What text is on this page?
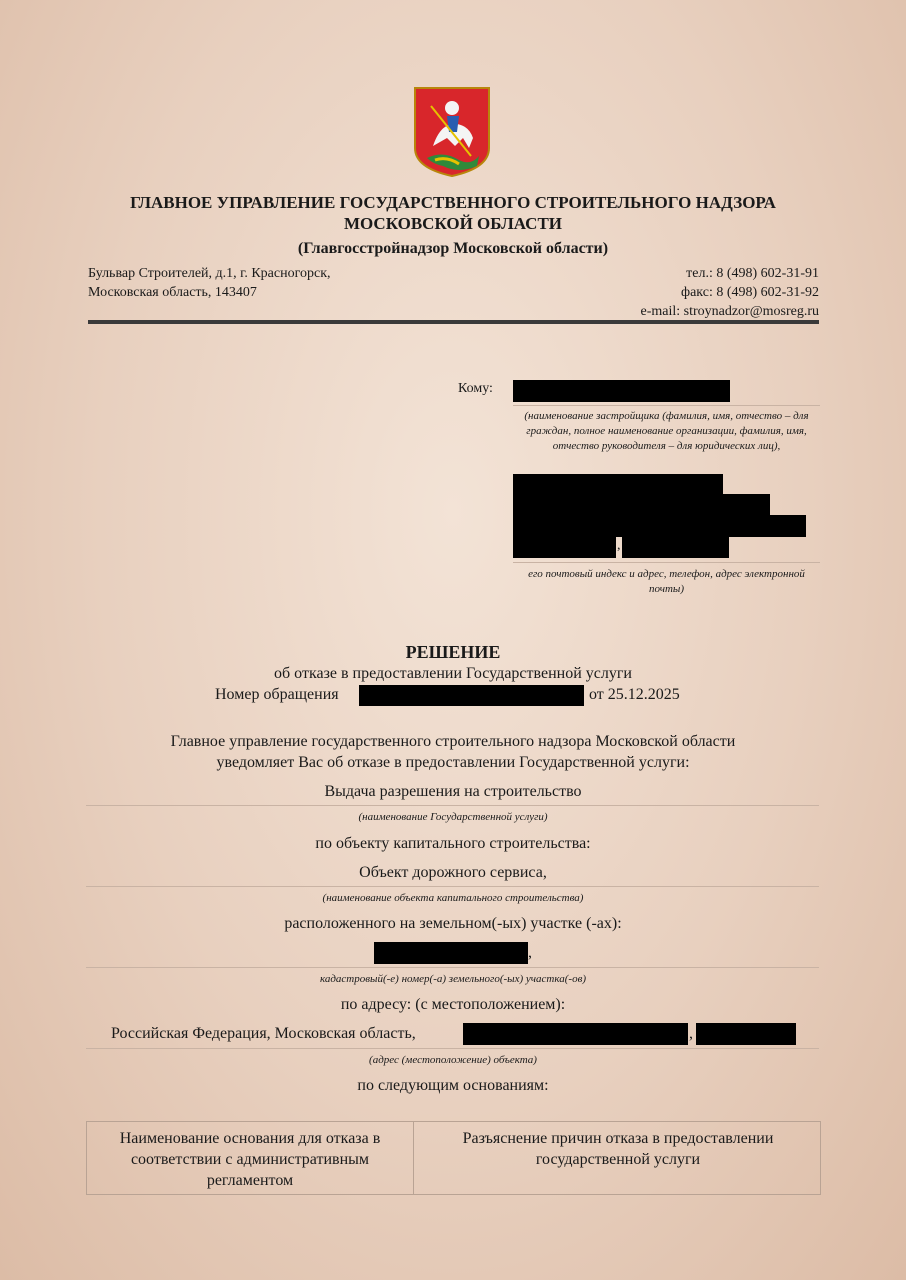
ГЛАВНОЕ УПРАВЛЕНИЕ ГОСУДАРСТВЕННОГО СТРОИТЕЛЬНОГО НАДЗОРА
МОСКОВСКОЙ ОБЛАСТИ
(Главгосстройнадзор Московской области)
Бульвар Строителей, д.1, г. Красногорск,
Московская область, 143407
тел.: 8 (498) 602-31-91
факс: 8 (498) 602-31-92
e-mail: stroynadzor@mosreg.ru
Кому:
(наименование застройщика (фамилия, имя, отчество – для граждан, полное наименование организации, фамилия, имя, отчество руководителя – для юридических лиц),
,
его почтовый индекс и адрес, телефон, адрес электронной почты)
РЕШЕНИЕ
об отказе в предоставлении Государственной услуги
Номер обращения	от 25.12.2025
Главное управление государственного строительного надзора Московской области
уведомляет Вас об отказе в предоставлении Государственной услуги:
Выдача разрешения на строительство
(наименование Государственной услуги)
по объекту капитального строительства:
Объект дорожного сервиса,
(наименование объекта капитального строительства)
расположенного на земельном(-ых) участке (-ах):
,
кадастровый(-е) номер(-а) земельного(-ых) участка(-ов)
по адресу: (с местоположением):
Российская Федерация, Московская область,	,
(адрес (местоположение) объекта)
по следующим основаниям:
Наименование основания для отказа в соответствии с административным регламентом
Разъяснение причин отказа в предоставлении государственной услуги
